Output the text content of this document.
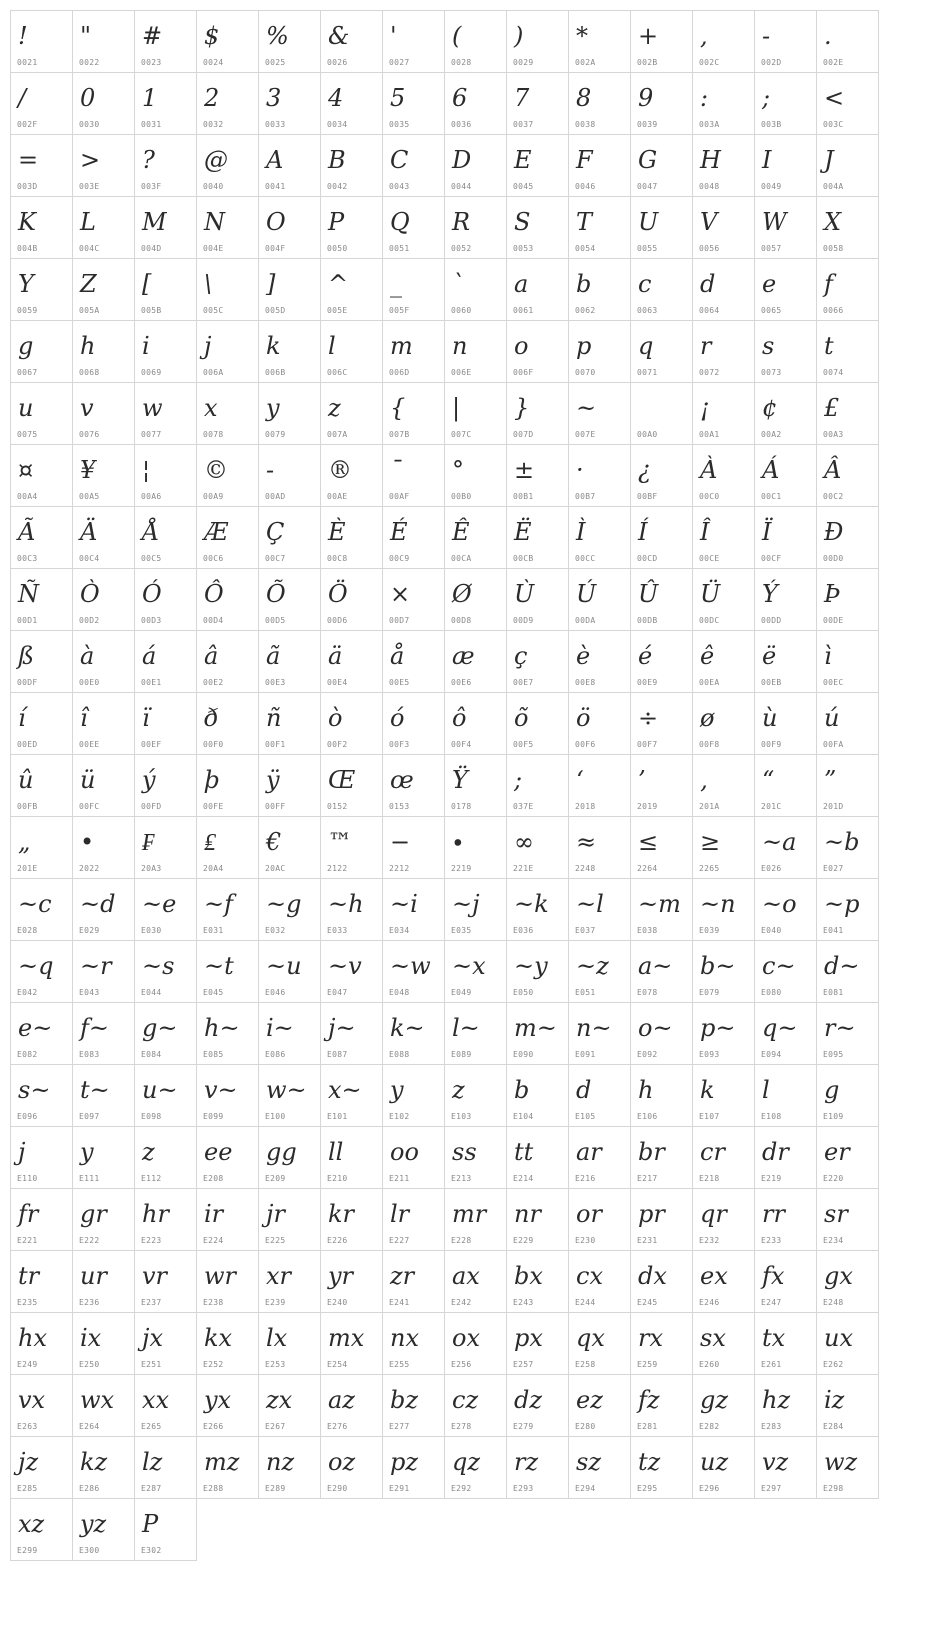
!
0021
"
0022
#
0023
$
0024
%
0025
&
0026
'
0027
(
0028
)
0029
*
002A
+
002B
,
002C
-
002D
.
002E
/
002F
0
0030
1
0031
2
0032
3
0033
4
0034
5
0035
6
0036
7
0037
8
0038
9
0039
:
003A
;
003B
<
003C
=
003D
>
003E
?
003F
@
0040
A
0041
B
0042
C
0043
D
0044
E
0045
F
0046
G
0047
H
0048
I
0049
J
004A
K
004B
L
004C
M
004D
N
004E
O
004F
P
0050
Q
0051
R
0052
S
0053
T
0054
U
0055
V
0056
W
0057
X
0058
Y
0059
Z
005A
[
005B
\
005C
]
005D
^
005E
_
005F
`
0060
a
0061
b
0062
c
0063
d
0064
e
0065
f
0066
g
0067
h
0068
i
0069
j
006A
k
006B
l
006C
m
006D
n
006E
o
006F
p
0070
q
0071
r
0072
s
0073
t
0074
u
0075
v
0076
w
0077
x
0078
y
0079
z
007A
{
007B
|
007C
}
007D
~
007E	00A0
¡
00A1
¢
00A2
£
00A3
¤
00A4
¥
00A5
¦
00A6
©
00A9
-
00AD
®
00AE
¯
00AF
°
00B0
±
00B1
·
00B7
¿
00BF
À
00C0
Á
00C1
Â
00C2
Ã
00C3
Ä
00C4
Å
00C5
Æ
00C6
Ç
00C7
È
00C8
É
00C9
Ê
00CA
Ë
00CB
Ì
00CC
Í
00CD
Î
00CE
Ï
00CF
Ð
00D0
Ñ
00D1
Ò
00D2
Ó
00D3
Ô
00D4
Õ
00D5
Ö
00D6
×
00D7
Ø
00D8
Ù
00D9
Ú
00DA
Û
00DB
Ü
00DC
Ý
00DD
Þ
00DE
ß
00DF
à
00E0
á
00E1
â
00E2
ã
00E3
ä
00E4
å
00E5
æ
00E6
ç
00E7
è
00E8
é
00E9
ê
00EA
ë
00EB
ì
00EC
í
00ED
î
00EE
ï
00EF
ð
00F0
ñ
00F1
ò
00F2
ó
00F3
ô
00F4
õ
00F5
ö
00F6
÷
00F7
ø
00F8
ù
00F9
ú
00FA
û
00FB
ü
00FC
ý
00FD
þ
00FE
ÿ
00FF
Œ
0152
œ
0153
Ÿ
0178
;
037E
‘
2018
’
2019
‚
201A
“
201C
”
201D
„
201E
•
2022
₣
20A3
₤
20A4
€
20AC
™
2122
−
2212
∙
2219
∞
221E
≈
2248
≤
2264
≥
2265
~a
E026
~b
E027
~c
E028
~d
E029
~e
E030
~f
E031
~g
E032
~h
E033
~i
E034
~j
E035
~k
E036
~l
E037
~m
E038
~n
E039
~o
E040
~p
E041
~q
E042
~r
E043
~s
E044
~t
E045
~u
E046
~v
E047
~w
E048
~x
E049
~y
E050
~z
E051
a~
E078
b~
E079
c~
E080
d~
E081
e~
E082
f~
E083
g~
E084
h~
E085
i~
E086
j~
E087
k~
E088
l~
E089
m~
E090
n~
E091
o~
E092
p~
E093
q~
E094
r~
E095
s~
E096
t~
E097
u~
E098
v~
E099
w~
E100
x~
E101
y
E102
z
E103
b
E104
d
E105
h
E106
k
E107
l
E108
g
E109
j
E110
y
E111
z
E112
ee
E208
gg
E209
ll
E210
oo
E211
ss
E213
tt
E214
ar
E216
br
E217
cr
E218
dr
E219
er
E220
fr
E221
gr
E222
hr
E223
ir
E224
jr
E225
kr
E226
lr
E227
mr
E228
nr
E229
or
E230
pr
E231
qr
E232
rr
E233
sr
E234
tr
E235
ur
E236
vr
E237
wr
E238
xr
E239
yr
E240
zr
E241
ax
E242
bx
E243
cx
E244
dx
E245
ex
E246
fx
E247
gx
E248
hx
E249
ix
E250
jx
E251
kx
E252
lx
E253
mx
E254
nx
E255
ox
E256
px
E257
qx
E258
rx
E259
sx
E260
tx
E261
ux
E262
vx
E263
wx
E264
xx
E265
yx
E266
zx
E267
az
E276
bz
E277
cz
E278
dz
E279
ez
E280
fz
E281
gz
E282
hz
E283
iz
E284
jz
E285
kz
E286
lz
E287
mz
E288
nz
E289
oz
E290
pz
E291
qz
E292
rz
E293
sz
E294
tz
E295
uz
E296
vz
E297
wz
E298
xz
E299
yz
E300
P
E302
